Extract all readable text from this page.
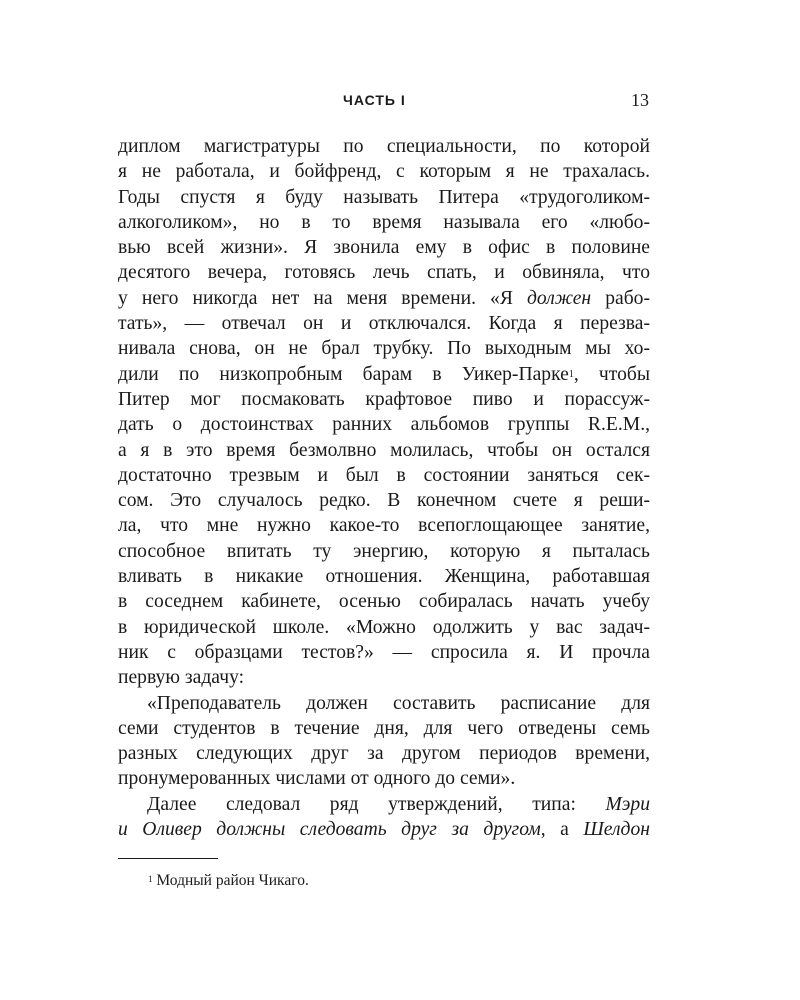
ЧАСТЬ I	13
диплом магистратуры по специальности, по которой
я не работала, и бойфренд, с которым я не трахалась.
Годы спустя я буду называть Питера «трудоголиком-
алкоголиком», но в то время называла его «любо-
вью всей жизни». Я звонила ему в офис в половине
десятого вечера, готовясь лечь спать, и обвиняла, что
у него никогда нет на меня времени. «Я должен рабо-
тать», — отвечал он и отключался. Когда я перезва-
нивала снова, он не брал трубку. По выходным мы хо-
дили по низкопробным барам в Уикер-Парке$^1$, чтобы
Питер мог посмаковать крафтовое пиво и порассуж-
дать о достоинствах ранних альбомов группы R.E.M.,
а я в это время безмолвно молилась, чтобы он остался
достаточно трезвым и был в состоянии заняться сек-
сом. Это случалось редко. В конечном счете я реши-
ла, что мне нужно какое-то всепоглощающее занятие,
способное впитать ту энергию, которую я пыталась
вливать в никакие отношения. Женщина, работавшая
в соседнем кабинете, осенью собиралась начать учебу
в юридической школе. «Можно одолжить у вас задач-
ник с образцами тестов?» — спросила я. И прочла
первую задачу:
«Преподаватель должен составить расписание для
семи студентов в течение дня, для чего отведены семь
разных следующих друг за другом периодов времени,
пронумерованных числами от одного до семи».
Далее следовал ряд утверждений, типа: Мэри
и Оливер должны следовать друг за другом, а Шелдон
$^1$ Модный район Чикаго.
